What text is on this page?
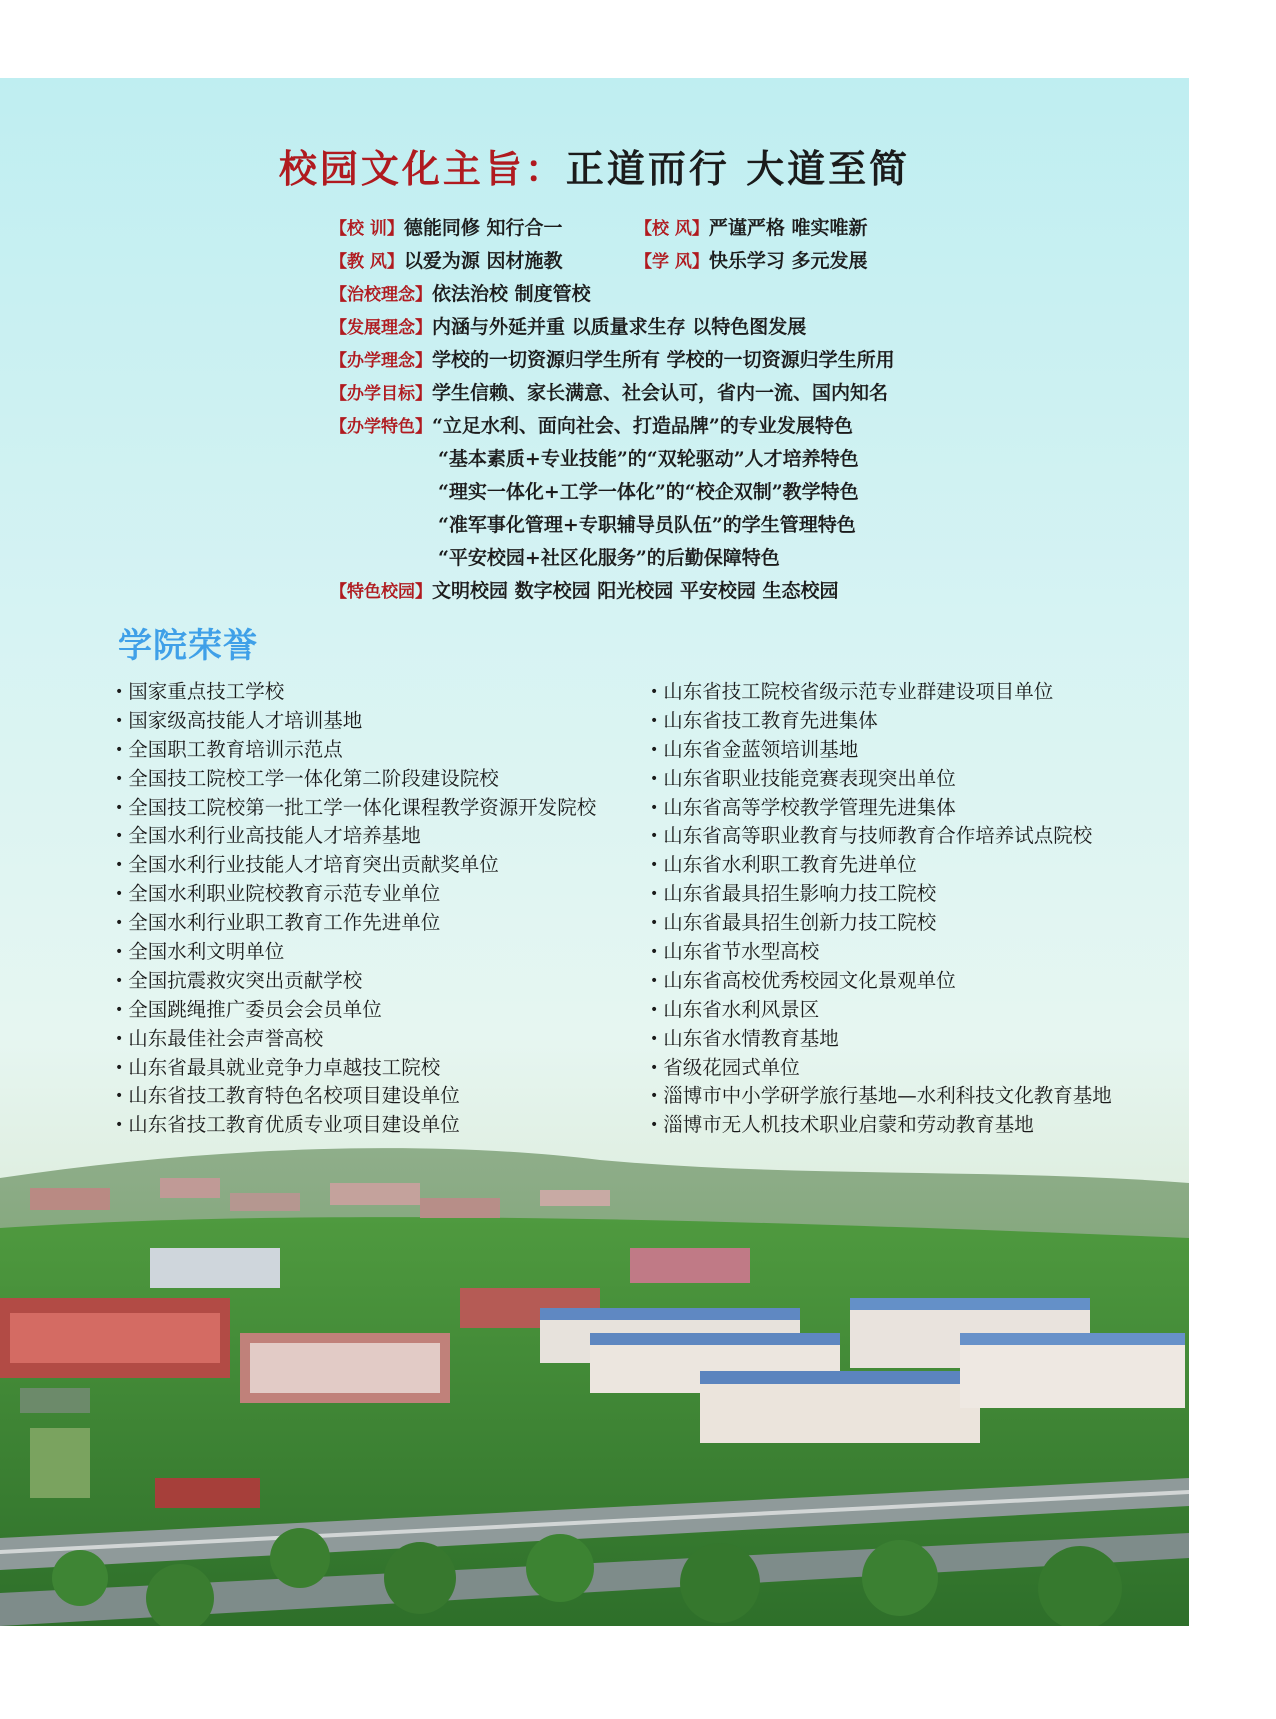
校园文化主旨：正道而行 大道至简
【校 训】德能同修 知行合一	【校 风】严谨严格 唯实唯新
【教 风】以爱为源 因材施教	【学 风】快乐学习 多元发展
【治校理念】依法治校 制度管校
【发展理念】内涵与外延并重 以质量求生存 以特色图发展
【办学理念】学校的一切资源归学生所有 学校的一切资源归学生所用
【办学目标】学生信赖、家长满意、社会认可，省内一流、国内知名
【办学特色】“立足水利、面向社会、打造品牌”的专业发展特色
“基本素质+专业技能”的“双轮驱动”人才培养特色
“理实一体化+工学一体化”的“校企双制”教学特色
“准军事化管理+专职辅导员队伍”的学生管理特色
“平安校园+社区化服务”的后勤保障特色
【特色校园】文明校园 数字校园 阳光校园 平安校园 生态校园
学院荣誉
• 国家重点技工学校
• 国家级高技能人才培训基地
• 全国职工教育培训示范点
• 全国技工院校工学一体化第二阶段建设院校
• 全国技工院校第一批工学一体化课程教学资源开发院校
• 全国水利行业高技能人才培养基地
• 全国水利行业技能人才培育突出贡献奖单位
• 全国水利职业院校教育示范专业单位
• 全国水利行业职工教育工作先进单位
• 全国水利文明单位
• 全国抗震救灾突出贡献学校
• 全国跳绳推广委员会会员单位
• 山东最佳社会声誉高校
• 山东省最具就业竞争力卓越技工院校
• 山东省技工教育特色名校项目建设单位
• 山东省技工教育优质专业项目建设单位
• 山东省技工院校省级示范专业群建设项目单位
• 山东省技工教育先进集体
• 山东省金蓝领培训基地
• 山东省职业技能竞赛表现突出单位
• 山东省高等学校教学管理先进集体
• 山东省高等职业教育与技师教育合作培养试点院校
• 山东省水利职工教育先进单位
• 山东省最具招生影响力技工院校
• 山东省最具招生创新力技工院校
• 山东省节水型高校
• 山东省高校优秀校园文化景观单位
• 山东省水利风景区
• 山东省水情教育基地
• 省级花园式单位
• 淄博市中小学研学旅行基地—水利科技文化教育基地
• 淄博市无人机技术职业启蒙和劳动教育基地
